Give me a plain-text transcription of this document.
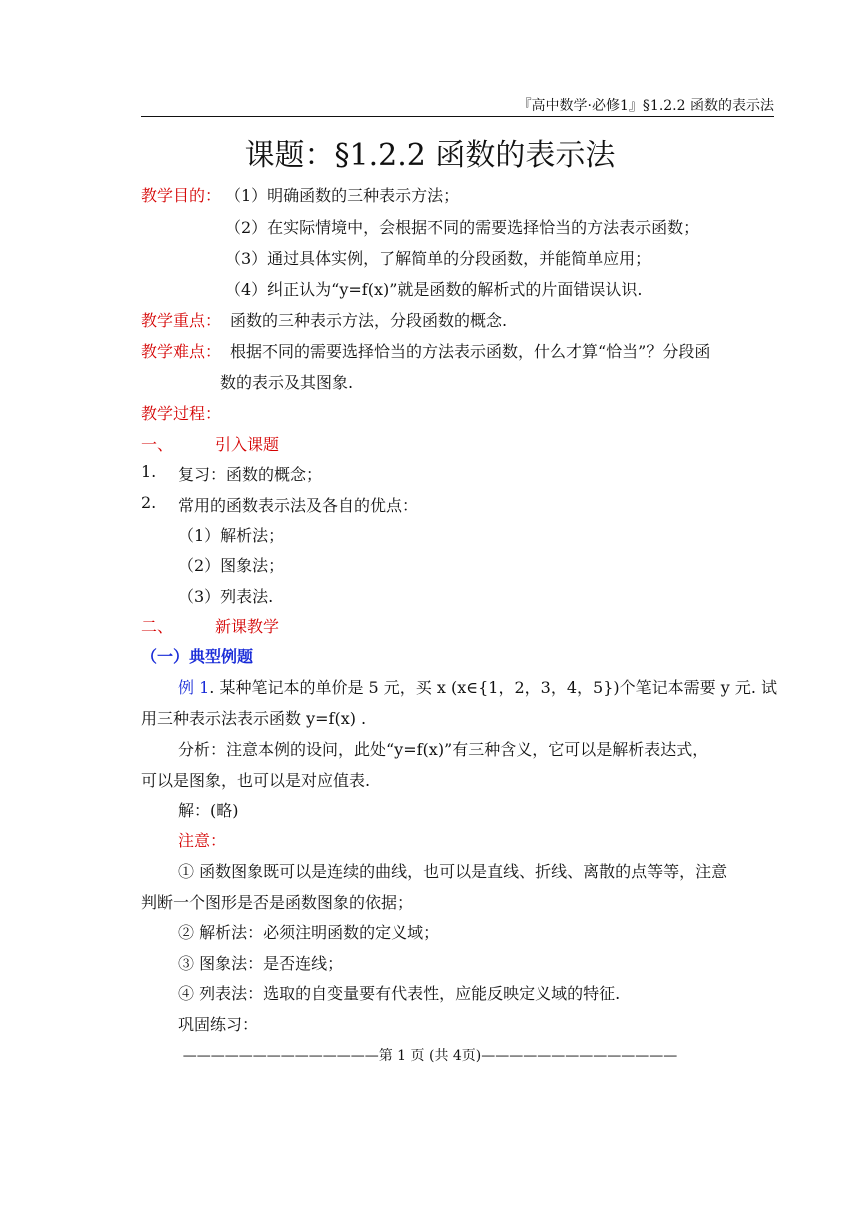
『高中数学·必修1』§1.2.2 函数的表示法
课题：§1.2.2 函数的表示法
教学目的： （1）明确函数的三种表示方法；
（2）在实际情境中，会根据不同的需要选择恰当的方法表示函数；
（3）通过具体实例，了解简单的分段函数，并能简单应用；
（4）纠正认为“y=f(x)”就是函数的解析式的片面错误认识.
教学重点： 函数的三种表示方法，分段函数的概念.
教学难点： 根据不同的需要选择恰当的方法表示函数，什么才算“恰当”？分段函
数的表示及其图象.
教学过程：
一、	引入课题
1. 复习：函数的概念；
2. 常用的函数表示法及各自的优点：
（1）解析法；
（2）图象法；
（3）列表法.
二、	新课教学
（一）典型例题
例 1. 某种笔记本的单价是 5 元，买 x (x∈{1，2，3，4，5})个笔记本需要 y 元. 试
用三种表示法表示函数 y=f(x) .
分析：注意本例的设问，此处“y=f(x)”有三种含义，它可以是解析表达式，
可以是图象，也可以是对应值表.
解：(略)
注意：
① 函数图象既可以是连续的曲线，也可以是直线、折线、离散的点等等，注意
判断一个图形是否是函数图象的依据；
② 解析法：必须注明函数的定义域；
③ 图象法：是否连线；
④ 列表法：选取的自变量要有代表性，应能反映定义域的特征.
巩固练习：
——————————————第 1 页 (共 4页)——————————————
